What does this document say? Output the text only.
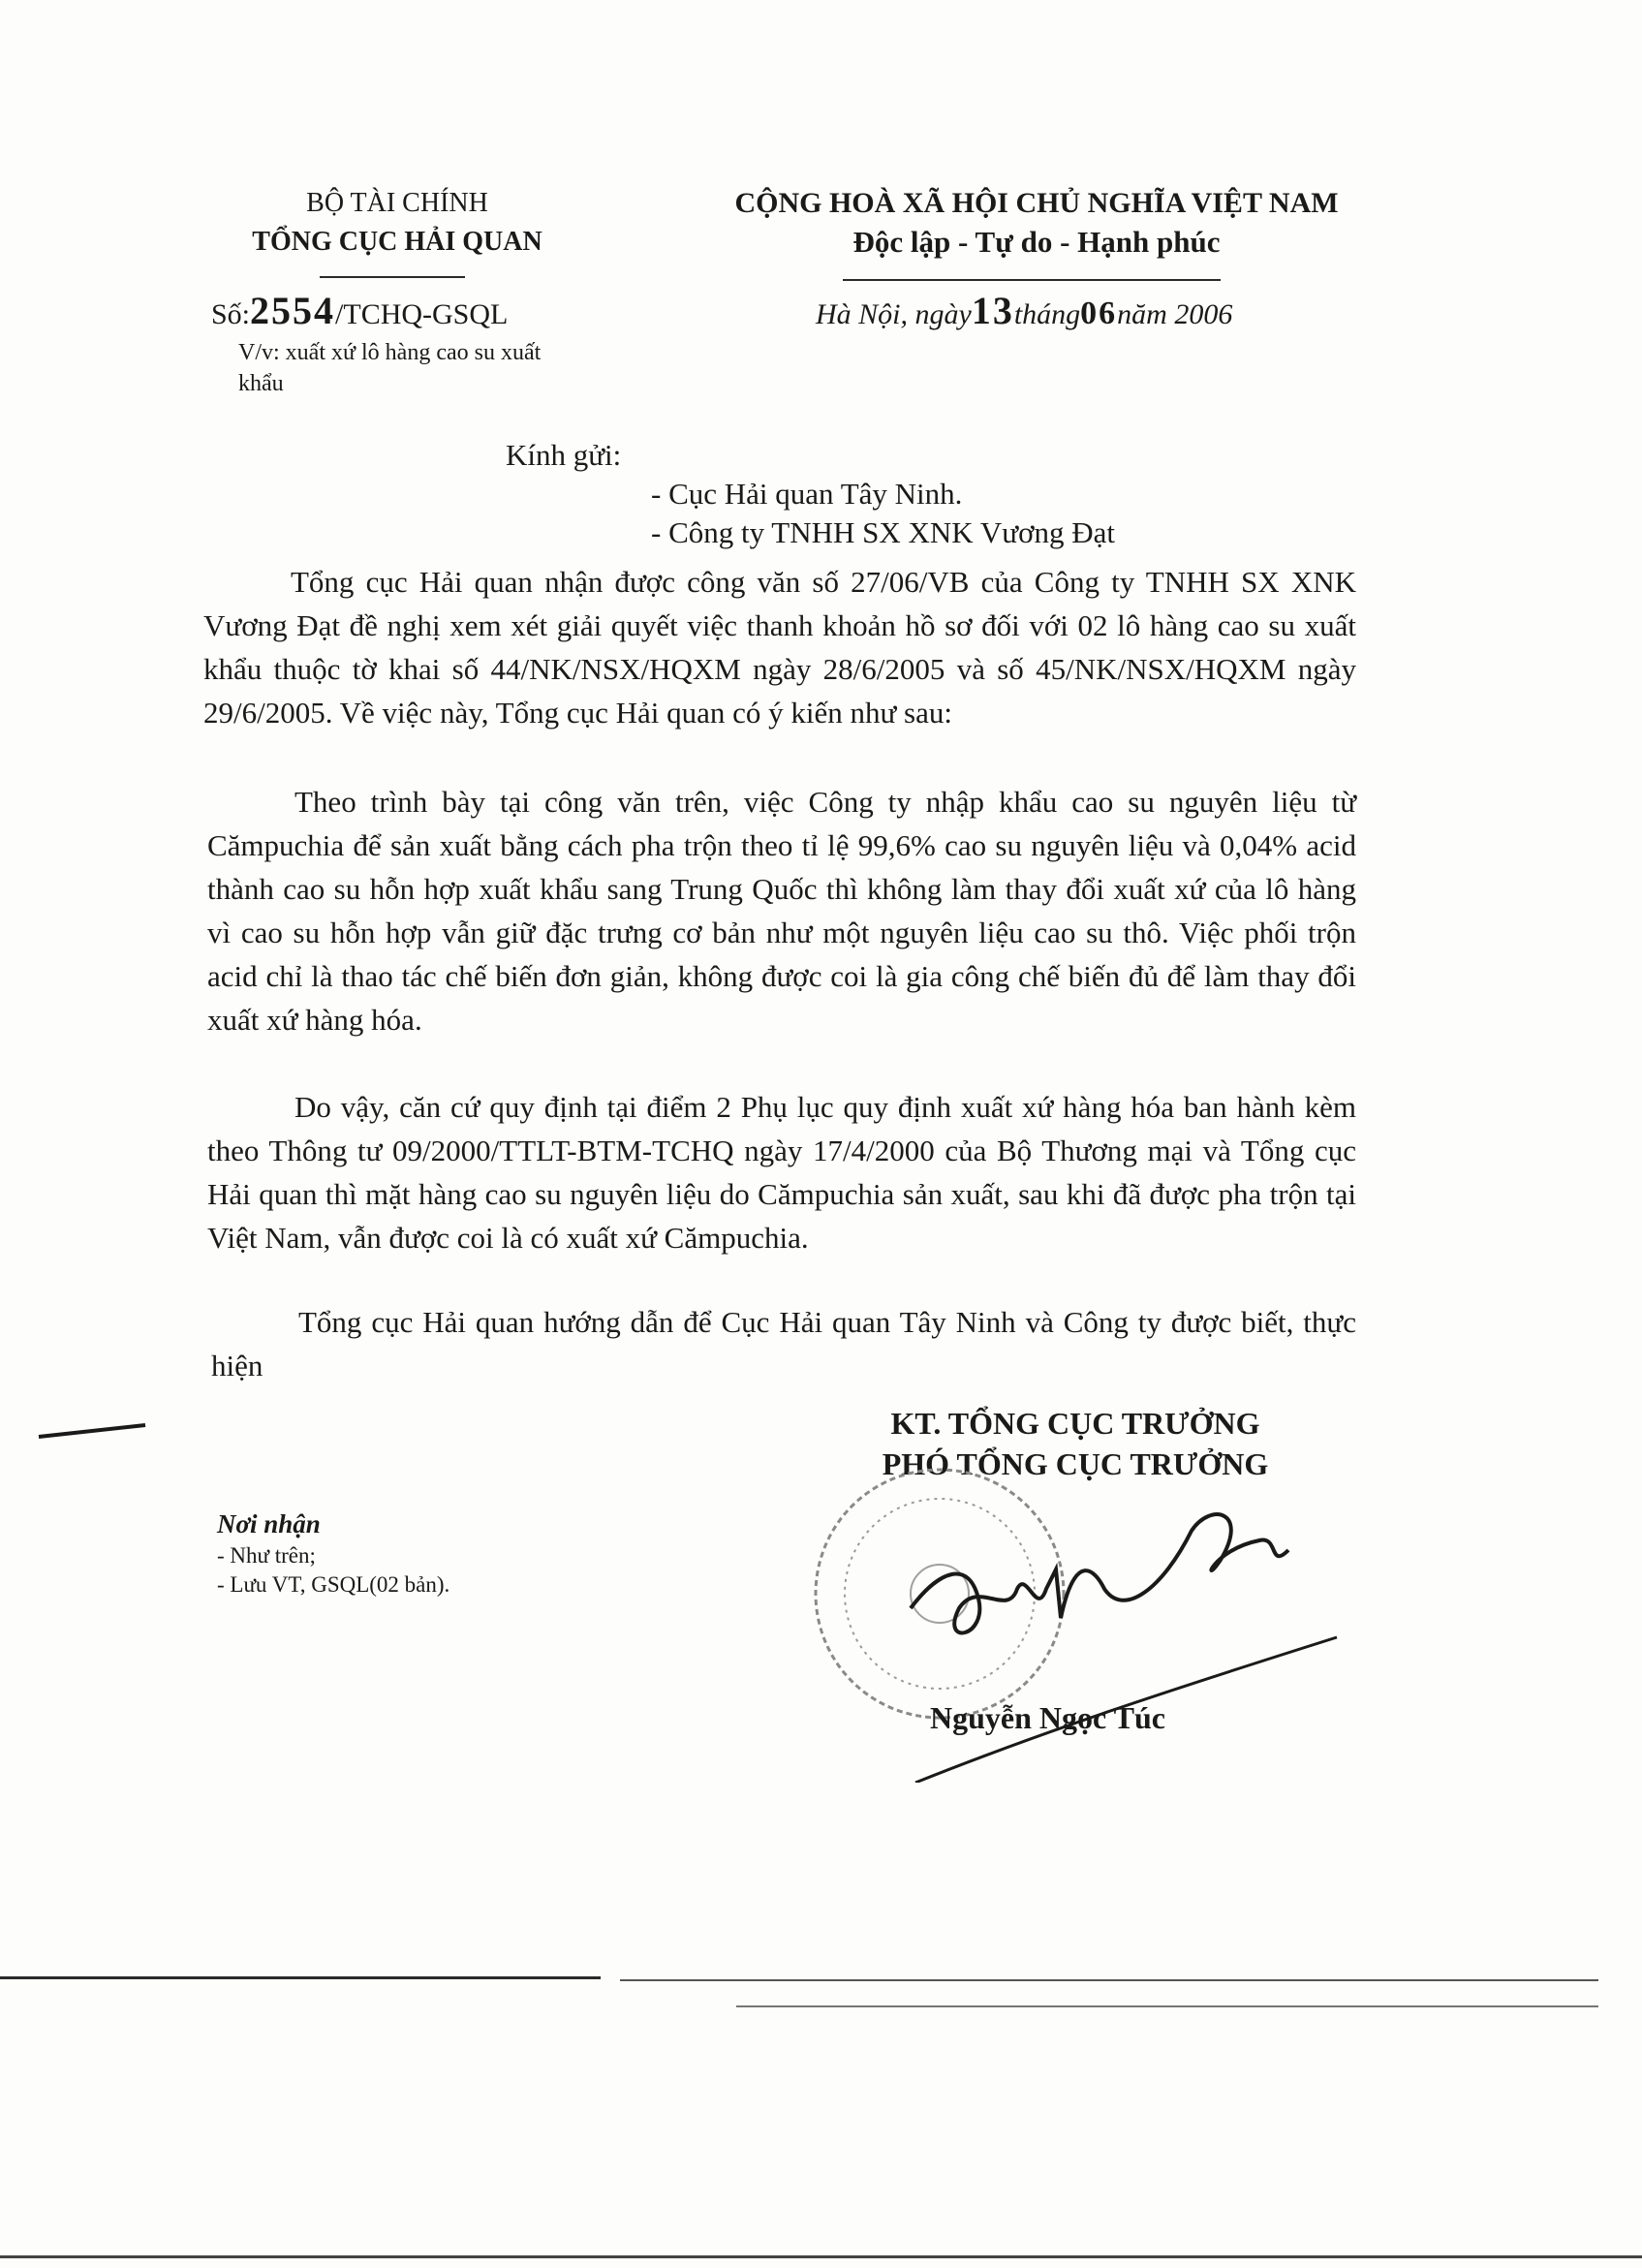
BỘ TÀI CHÍNH
TỔNG CỤC HẢI QUAN
CỘNG HOÀ XÃ HỘI CHỦ NGHĨA VIỆT NAM
Độc lập - Tự do - Hạnh phúc
Số:2554/TCHQ-GSQL	Hà Nội, ngày13tháng06năm 2006
V/v: xuất xứ lô hàng cao su xuất khẩu
Kính gửi:
- Cục Hải quan Tây Ninh.
- Công ty TNHH SX XNK Vương Đạt
Tổng cục Hải quan nhận được công văn số 27/06/VB của Công ty TNHH SX XNK Vương Đạt đề nghị xem xét giải quyết việc thanh khoản hồ sơ đối với 02 lô hàng cao su xuất khẩu thuộc tờ khai số 44/NK/NSX/HQXM ngày 28/6/2005 và số 45/NK/NSX/HQXM ngày 29/6/2005. Về việc này, Tổng cục Hải quan có ý kiến như sau:
Theo trình bày tại công văn trên, việc Công ty nhập khẩu cao su nguyên liệu từ Cămpuchia để sản xuất bằng cách pha trộn theo tỉ lệ 99,6% cao su nguyên liệu và 0,04% acid thành cao su hỗn hợp xuất khẩu sang Trung Quốc thì không làm thay đổi xuất xứ của lô hàng vì cao su hỗn hợp vẫn giữ đặc trưng cơ bản như một nguyên liệu cao su thô. Việc phối trộn acid chỉ là thao tác chế biến đơn giản, không được coi là gia công chế biến đủ để làm thay đổi xuất xứ hàng hóa.
Do vậy, căn cứ quy định tại điểm 2 Phụ lục quy định xuất xứ hàng hóa ban hành kèm theo Thông tư 09/2000/TTLT-BTM-TCHQ ngày 17/4/2000 của Bộ Thương mại và Tổng cục Hải quan thì mặt hàng cao su nguyên liệu do Cămpuchia sản xuất, sau khi đã được pha trộn tại Việt Nam, vẫn được coi là có xuất xứ Cămpuchia.
Tổng cục Hải quan hướng dẫn để Cục Hải quan Tây Ninh và Công ty được biết, thực hiện
KT. TỔNG CỤC TRƯỞNG
PHÓ TỔNG CỤC TRƯỞNG
Nguyễn Ngọc Túc
Nơi nhận
- Như trên;
- Lưu VT, GSQL(02 bản).
